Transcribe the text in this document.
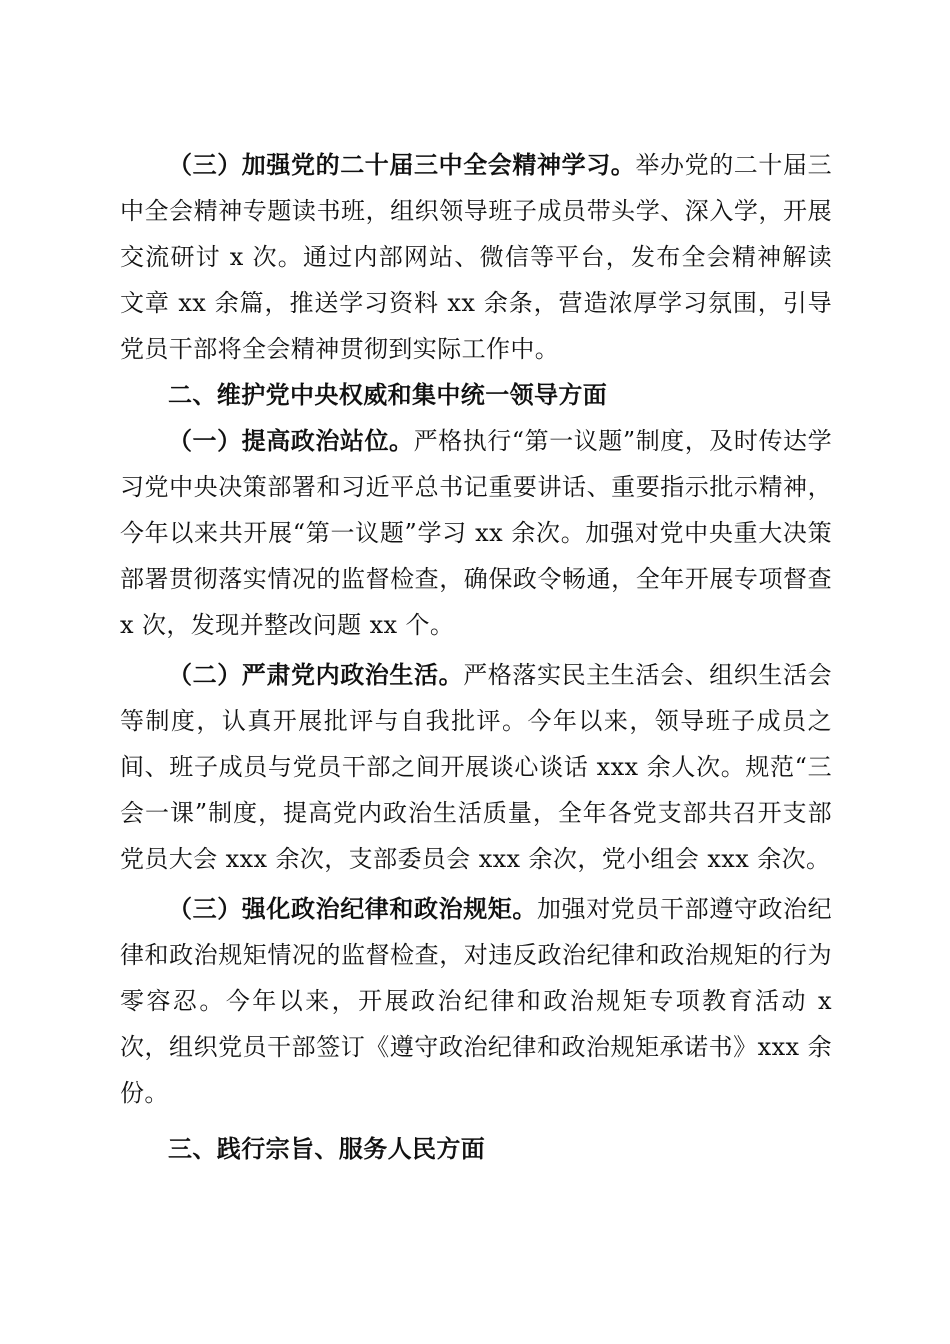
（三）加强党的二十届三中全会精神学习。举办党的二十届三中全会精神专题读书班，组织领导班子成员带头学、深入学，开展交流研讨 x 次。通过内部网站、微信等平台，发布全会精神解读文章 xx 余篇，推送学习资料 xx 余条，营造浓厚学习氛围，引导党员干部将全会精神贯彻到实际工作中。

二、维护党中央权威和集中统一领导方面

（一）提高政治站位。严格执行“第一议题”制度，及时传达学习党中央决策部署和习近平总书记重要讲话、重要指示批示精神，今年以来共开展“第一议题”学习 xx 余次。加强对党中央重大决策部署贯彻落实情况的监督检查，确保政令畅通，全年开展专项督查 x 次，发现并整改问题 xx 个。

（二）严肃党内政治生活。严格落实民主生活会、组织生活会等制度，认真开展批评与自我批评。今年以来，领导班子成员之间、班子成员与党员干部之间开展谈心谈话 xxx 余人次。规范“三会一课”制度，提高党内政治生活质量，全年各党支部共召开支部党员大会 xxx 余次，支部委员会 xxx 余次，党小组会 xxx 余次。

（三）强化政治纪律和政治规矩。加强对党员干部遵守政治纪律和政治规矩情况的监督检查，对违反政治纪律和政治规矩的行为零容忍。今年以来，开展政治纪律和政治规矩专项教育活动 x 次，组织党员干部签订《遵守政治纪律和政治规矩承诺书》xxx 余份。

三、践行宗旨、服务人民方面
